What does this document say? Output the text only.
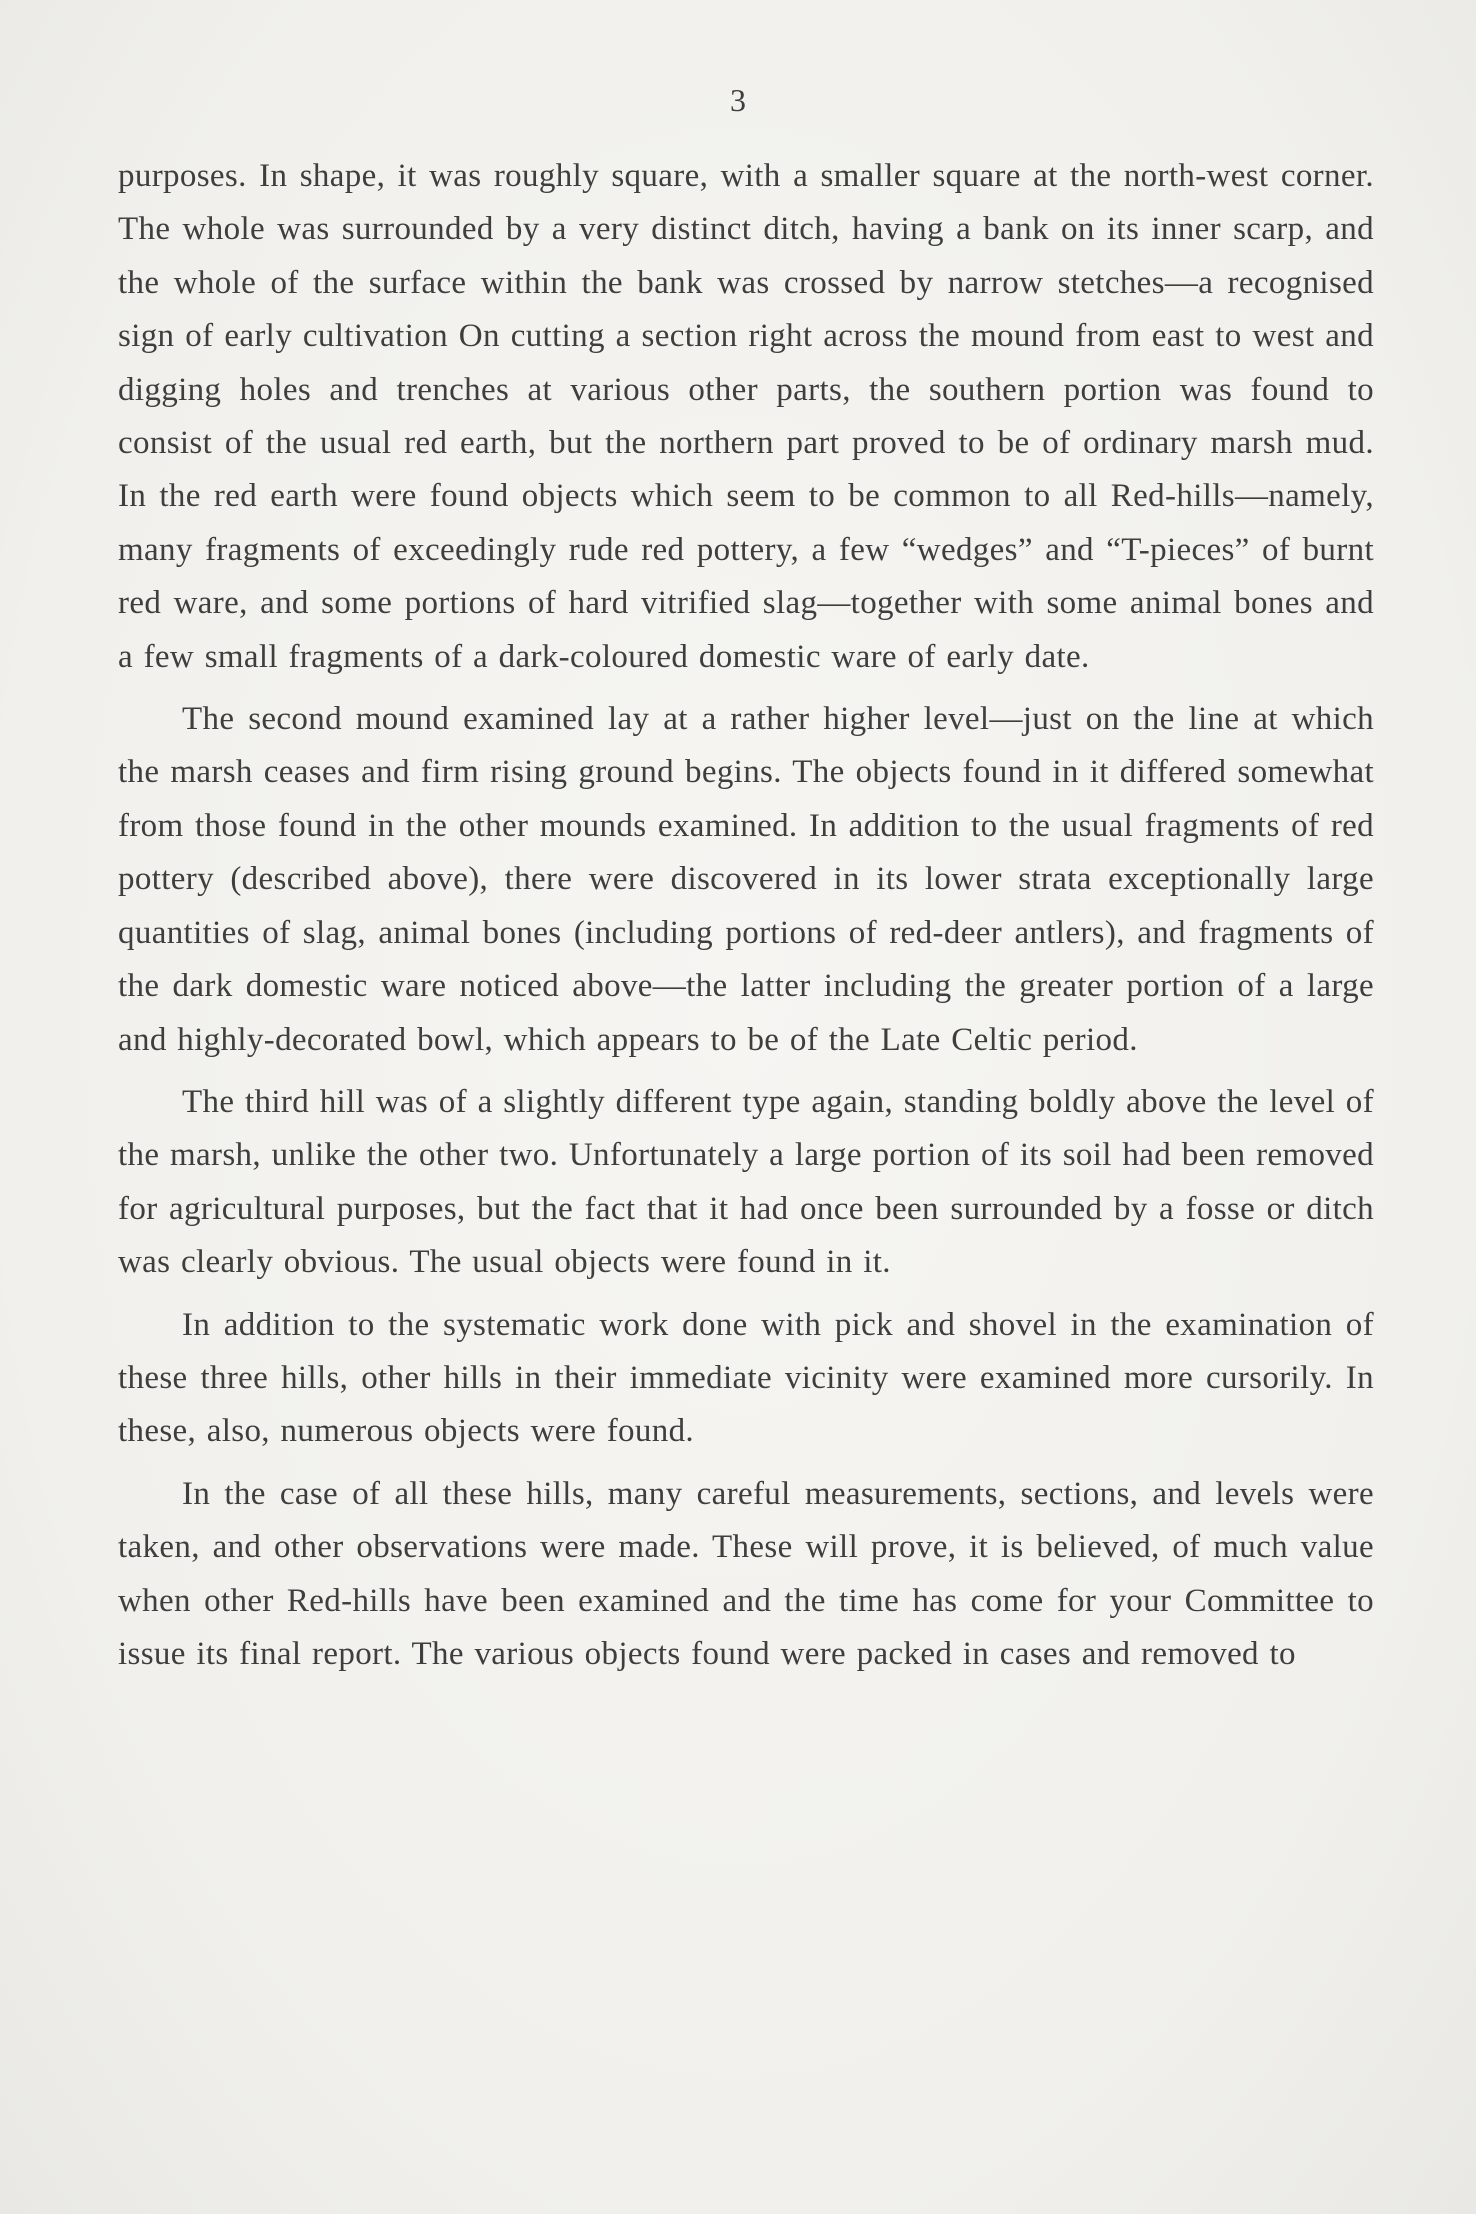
3

purposes. In shape, it was roughly square, with a smaller square at the north-west corner. The whole was surrounded by a very distinct ditch, having a bank on its inner scarp, and the whole of the surface within the bank was crossed by narrow stetches—a recognised sign of early cultivation On cutting a section right across the mound from east to west and digging holes and trenches at various other parts, the southern portion was found to consist of the usual red earth, but the northern part proved to be of ordinary marsh mud. In the red earth were found objects which seem to be common to all Red-hills—namely, many fragments of exceedingly rude red pottery, a few “wedges” and “T-pieces” of burnt red ware, and some portions of hard vitrified slag—together with some animal bones and a few small fragments of a dark-coloured domestic ware of early date.

The second mound examined lay at a rather higher level—just on the line at which the marsh ceases and firm rising ground begins. The objects found in it differed somewhat from those found in the other mounds examined. In addition to the usual fragments of red pottery (described above), there were discovered in its lower strata exceptionally large quantities of slag, animal bones (including portions of red-deer antlers), and fragments of the dark domestic ware noticed above—the latter including the greater portion of a large and highly-decorated bowl, which appears to be of the Late Celtic period.

The third hill was of a slightly different type again, standing boldly above the level of the marsh, unlike the other two. Unfortunately a large portion of its soil had been removed for agricultural purposes, but the fact that it had once been surrounded by a fosse or ditch was clearly obvious. The usual objects were found in it.

In addition to the systematic work done with pick and shovel in the examination of these three hills, other hills in their immediate vicinity were examined more cursorily. In these, also, numerous objects were found.

In the case of all these hills, many careful measurements, sections, and levels were taken, and other observations were made. These will prove, it is believed, of much value when other Red-hills have been examined and the time has come for your Committee to issue its final report. The various objects found were packed in cases and removed to
